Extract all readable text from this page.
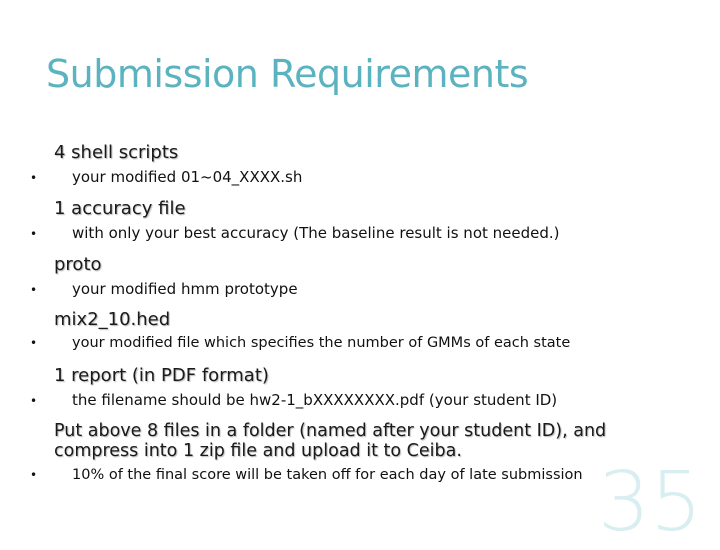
Submission Requirements
4 shell scripts
• your modified 01~04_XXXX.sh
1 accuracy file
• with only your best accuracy (The baseline result is not needed.)
proto
• your modified hmm prototype
mix2_10.hed
• your modified file which specifies the number of GMMs of each state
1 report (in PDF format)
• the filename should be hw2-1_bXXXXXXXX.pdf (your student ID)
Put above 8 files in a folder (named after your student ID), and compress into 1 zip file and upload it to Ceiba.
• 10% of the final score will be taken off for each day of late submission 35
